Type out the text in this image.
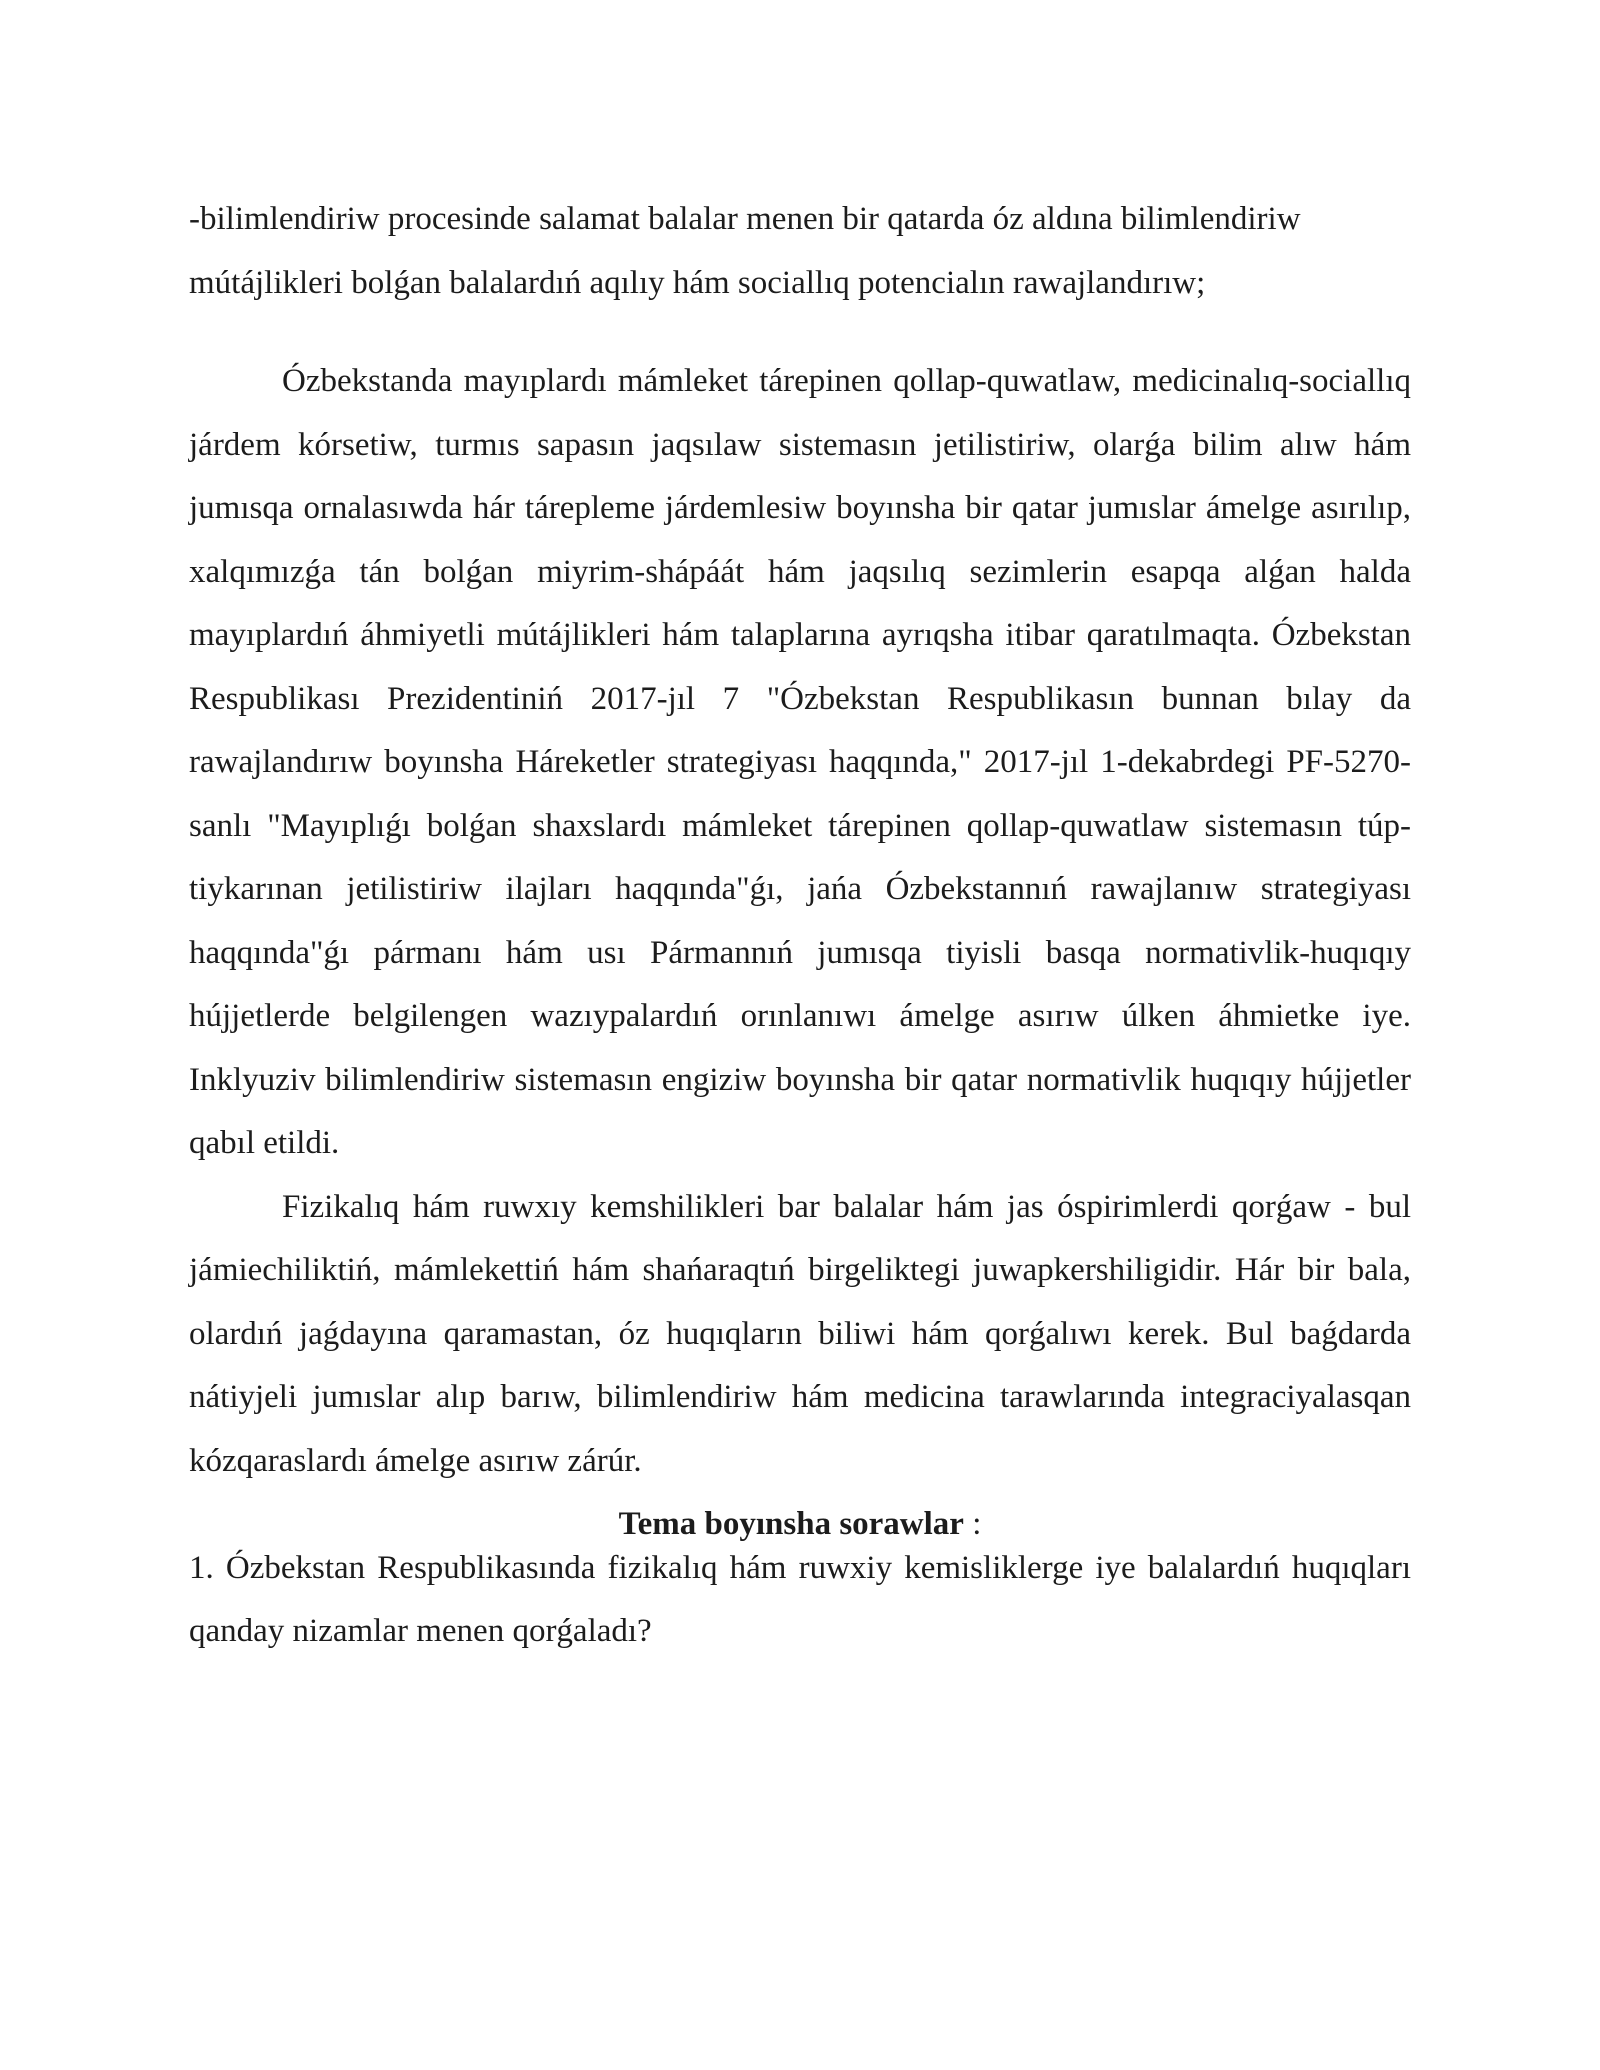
-bilimlendiriw procesinde salamat balalar menen bir qatarda óz aldına bilimlendiriw mútájlikleri bolǵan balalardıń aqılıy hám sociallıq potencialın rawajlandırıw;

Ózbekstanda mayıplardı mámleket tárepinen qollap-quwatlaw, medicinalıq-sociallıq járdem kórsetiw, turmıs sapasın jaqsılaw sistemasın jetilistiriw, olarǵa bilim alıw hám jumısqa ornalasıwda hár tárepleme járdemlesiw boyınsha bir qatar jumıslar ámelge asırılıp, xalqımızǵa tán bolǵan miyrim-shápáát hám jaqsılıq sezimlerin esapqa alǵan halda mayıplardıń áhmiyetli mútájlikleri hám talaplarına ayrıqsha itibar qaratılmaqta. Ózbekstan Respublikası Prezidentiniń 2017-jıl 7 "Ózbekstan Respublikasın bunnan bılay da rawajlandırıw boyınsha Háreketler strategiyası haqqında," 2017-jıl 1-dekabrdegi PF-5270-sanlı "Mayıplıǵı bolǵan shaxslardı mámleket tárepinen qollap-quwatlaw sistemasın túp-tiykarınan jetilistiriw ilajları haqqında"ǵı, jańa Ózbekstannıń rawajlanıw strategiyası haqqında"ǵı pármanı hám usı Pármannıń jumısqa tiyisli basqa normativlik-huqıqıy hújjetlerde belgilengen wazıypalardıń orınlanıwı ámelge asırıw úlken áhmietke iye. Inklyuziv bilimlendiriw sistemasın engiziw boyınsha bir qatar normativlik huqıqıy hújjetler qabıl etildi.

Fizikalıq hám ruwxıy kemshilikleri bar balalar hám jas óspirimlerdi qorǵaw - bul jámiechiliktiń, mámlekettiń hám shańaraqtıń birgeliktegi juwapkershiligidir. Hár bir bala, olardıń jaǵdayına qaramastan, óz huqıqların biliwi hám qorǵalıwı kerek. Bul baǵdarda nátiyjeli jumıslar alıp barıw, bilimlendiriw hám medicina tarawlarında integraciyalasqan kózqaraslardı ámelge asırıw zárúr.

Tema boyınsha sorawlar :

1. Ózbekstan Respublikasında fizikalıq hám ruwxiy kemisliklerge iye balalardıń huqıqları qanday nizamlar menen qorǵaladı?
